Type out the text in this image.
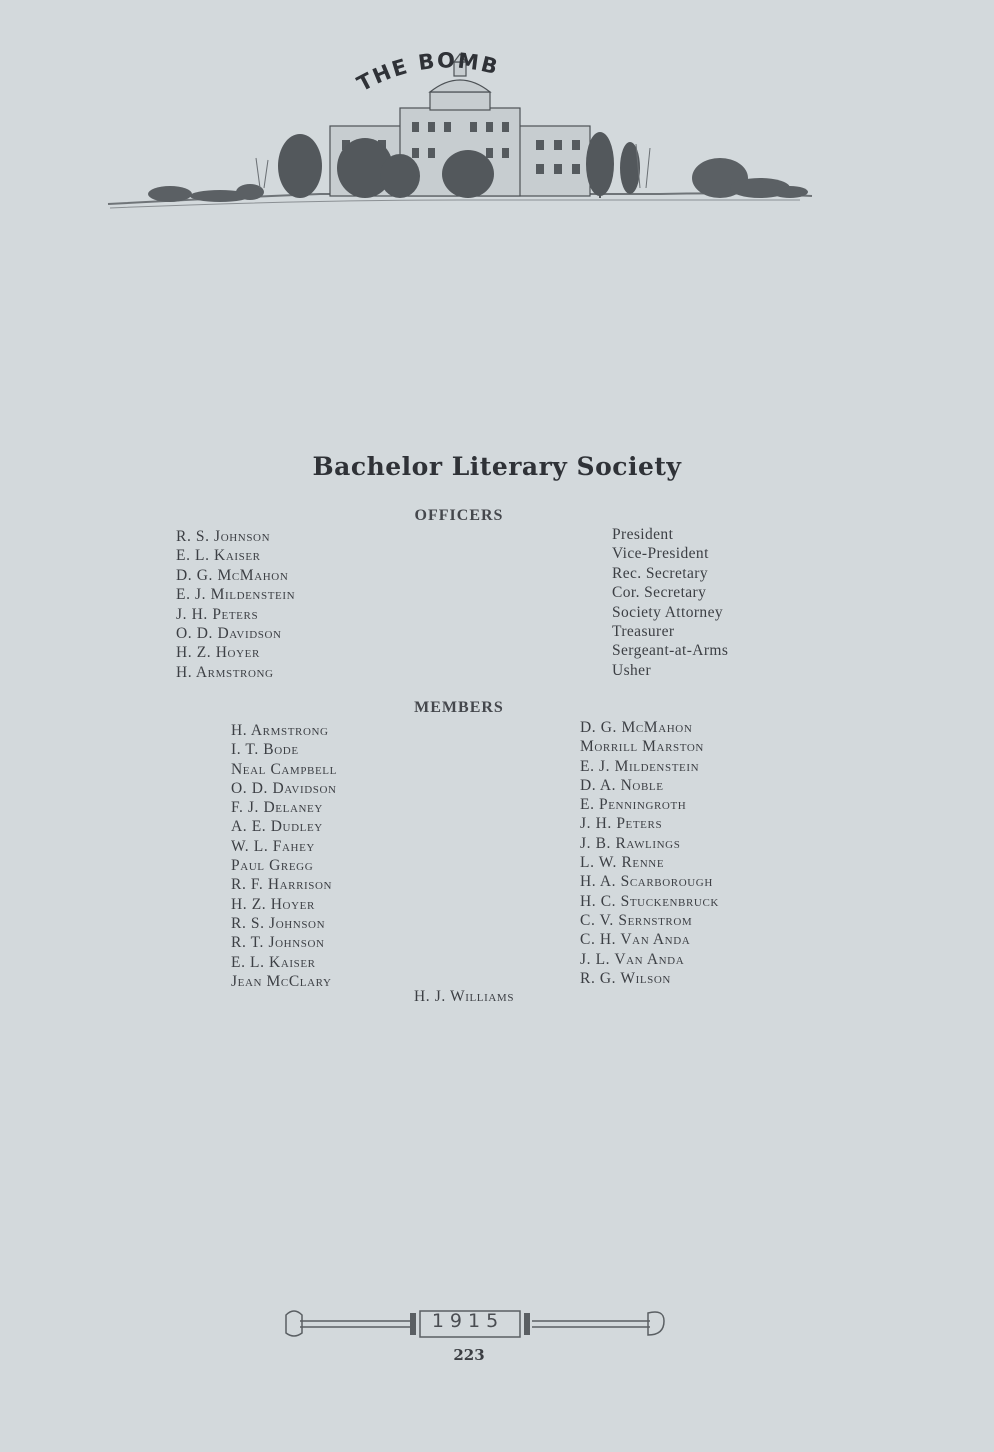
THE BOMB
Bachelor Literary Society
OFFICERS
R. S. Johnson
E. L. Kaiser
D. G. McMahon
E. J. Mildenstein
J. H. Peters
O. D. Davidson
H. Z. Hoyer
H. Armstrong
President
Vice-President
Rec. Secretary
Cor. Secretary
Society Attorney
Treasurer
Sergeant-at-Arms
Usher
MEMBERS
H. Armstrong
I. T. Bode
Neal Campbell
O. D. Davidson
F. J. Delaney
A. E. Dudley
W. L. Fahey
Paul Gregg
R. F. Harrison
H. Z. Hoyer
R. S. Johnson
R. T. Johnson
E. L. Kaiser
Jean McClary
D. G. McMahon
Morrill Marston
E. J. Mildenstein
D. A. Noble
E. Penningroth
J. H. Peters
J. B. Rawlings
L. W. Renne
H. A. Scarborough
H. C. Stuckenbruck
C. V. Sernstrom
C. H. Van Anda
J. L. Van Anda
R. G. Wilson

H. J. Williams

1915
223
